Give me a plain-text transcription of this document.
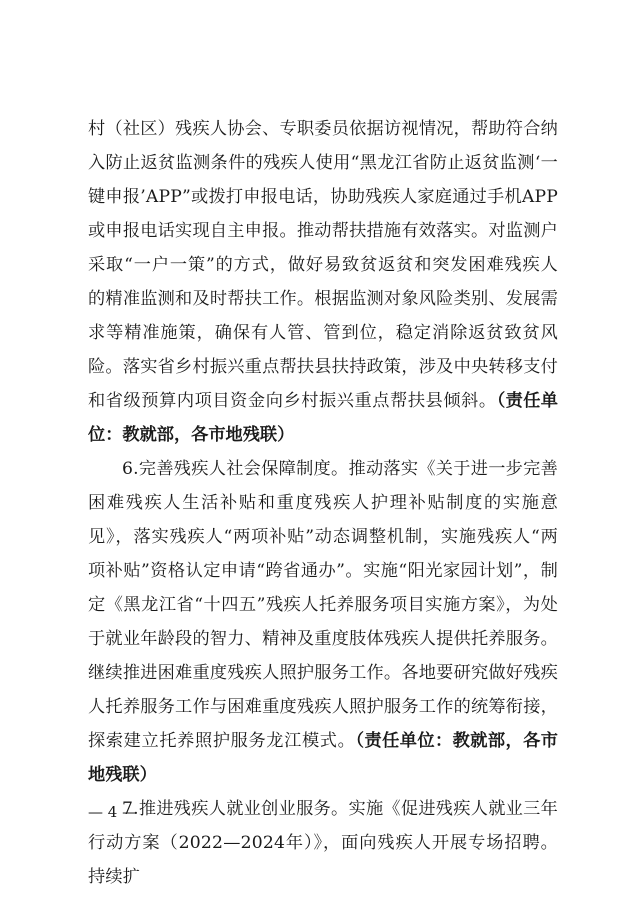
村（社区）残疾人协会、专职委员依据访视情况，帮助符合纳入防止返贫监测条件的残疾人使用“黑龙江省防止返贫监测‘一键申报’APP”或拨打申报电话，协助残疾人家庭通过手机APP或申报电话实现自主申报。推动帮扶措施有效落实。对监测户采取“一户一策”的方式，做好易致贫返贫和突发困难残疾人的精准监测和及时帮扶工作。根据监测对象风险类别、发展需求等精准施策，确保有人管、管到位，稳定消除返贫致贫风险。落实省乡村振兴重点帮扶县扶持政策，涉及中央转移支付和省级预算内项目资金向乡村振兴重点帮扶县倾斜。（责任单位：教就部，各市地残联）

6.完善残疾人社会保障制度。推动落实《关于进一步完善困难残疾人生活补贴和重度残疾人护理补贴制度的实施意见》，落实残疾人“两项补贴”动态调整机制，实施残疾人“两项补贴”资格认定申请“跨省通办”。实施“阳光家园计划”，制定《黑龙江省“十四五”残疾人托养服务项目实施方案》，为处于就业年龄段的智力、精神及重度肢体残疾人提供托养服务。继续推进困难重度残疾人照护服务工作。各地要研究做好残疾人托养服务工作与困难重度残疾人照护服务工作的统筹衔接，探索建立托养照护服务龙江模式。（责任单位：教就部，各市地残联）

7.推进残疾人就业创业服务。实施《促进残疾人就业三年行动方案（2022—2024年）》，面向残疾人开展专场招聘。持续扩

— 4 —
